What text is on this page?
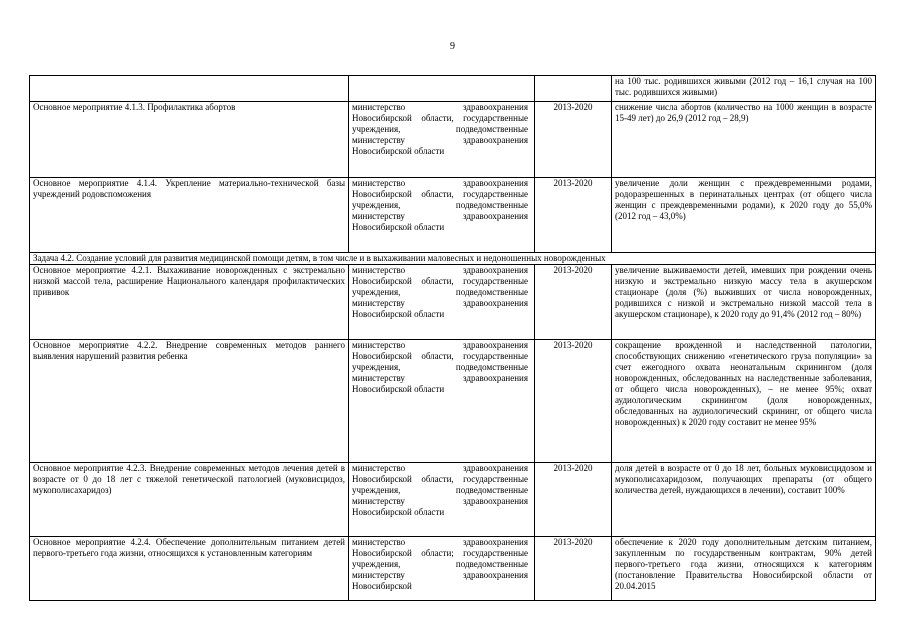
9
			на 100 тыс. родившихся живыми (2012 год – 16,1 случая на 100 тыс. родившихся живыми)
Основное мероприятие 4.1.3. Профилактика абортов	министерство здравоохранения Новосибирской области, государственные учреждения, подведомственные министерству здравоохранения Новосибирской области	2013-2020	снижение числа абортов (количество на 1000 женщин в возрасте 15-49 лет) до 26,9 (2012 год – 28,9)
Основное мероприятие 4.1.4. Укрепление материально-технической базы учреждений родовспоможения	министерство здравоохранения Новосибирской области, государственные учреждения, подведомственные министерству здравоохранения Новосибирской области	2013-2020	увеличение доли женщин с преждевременными родами, родоразрешенных в перинатальных центрах (от общего числа женщин с преждевременными родами), к 2020 году до 55,0% (2012 год – 43,0%)
Задача 4.2. Создание условий для развития медицинской помощи детям, в том числе и в выхаживании маловесных и недоношенных новорожденных			
Основное мероприятие 4.2.1. Выхаживание новорожденных с экстремально низкой массой тела, расширение Национального календаря профилактических прививок	министерство здравоохранения Новосибирской области, государственные учреждения, подведомственные министерству здравоохранения Новосибирской области	2013-2020	увеличение выживаемости детей, имевших при рождении очень низкую и экстремально низкую массу тела в акушерском стационаре (доля (%) выживших от числа новорожденных, родившихся с низкой и экстремально низкой массой тела в акушерском стационаре), к 2020 году до 91,4% (2012 год – 80%)
Основное мероприятие 4.2.2. Внедрение современных методов раннего выявления нарушений развития ребенка	министерство здравоохранения Новосибирской области, государственные учреждения, подведомственные министерству здравоохранения Новосибирской области	2013-2020	сокращение врожденной и наследственной патологии, способствующих снижению «генетического груза популяции» за счет ежегодного охвата неонатальным скринингом (доля новорожденных, обследованных на наследственные заболевания, от общего числа новорожденных), – не менее 95%; охват аудиологическим скринингом (доля новорожденных, обследованных на аудиологический скрининг, от общего числа новорожденных) к 2020 году составит не менее 95%
Основное мероприятие 4.2.3. Внедрение современных методов лечения детей в возрасте от 0 до 18 лет с тяжелой генетической патологией (муковисцидоз, мукополисахаридоз)	министерство здравоохранения Новосибирской области, государственные учреждения, подведомственные министерству здравоохранения Новосибирской области	2013-2020	доля детей в возрасте от 0 до 18 лет, больных муковисцидозом и мукополисахаридозом, получающих препараты (от общего количества детей, нуждающихся в лечении), составит 100%
Основное мероприятие 4.2.4. Обеспечение дополнительным питанием детей первого-третьего года жизни, относящихся к установленным категориям	министерство здравоохранения Новосибирской области; государственные учреждения, подведомственные министерству здравоохранения Новосибирской	2013-2020	обеспечение к 2020 году дополнительным детским питанием, закупленным по государственным контрактам, 90% детей первого-третьего года жизни, относящихся к категориям (постановление Правительства Новосибирской области от 20.04.2015
